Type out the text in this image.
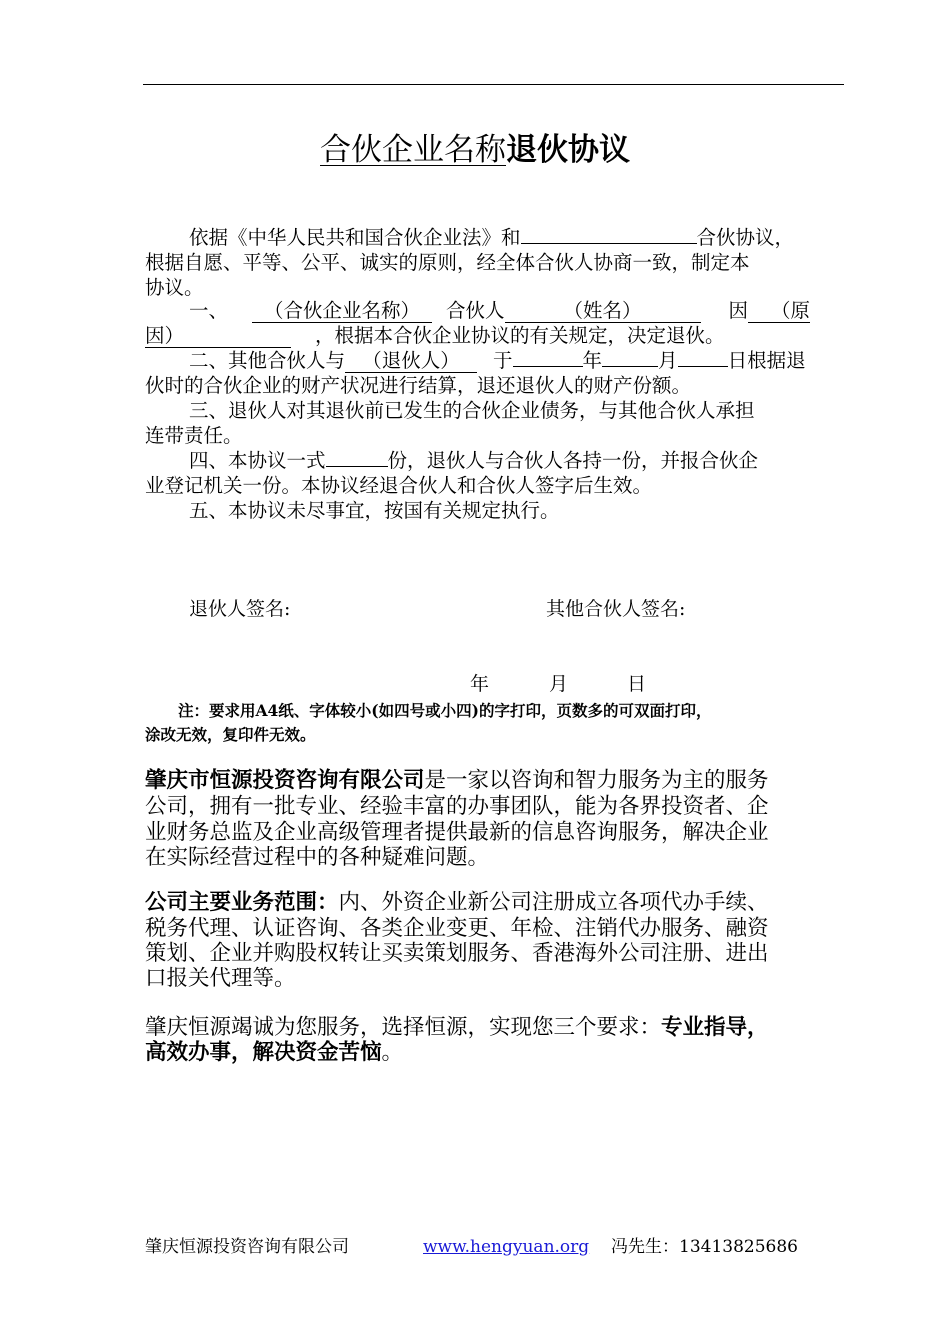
合伙企业名称退伙协议
依据《中华人民共和国合伙企业法》和	合伙协议，
根据自愿、平等、公平、诚实的原则，经全体合伙人协商一致，制定本
协议。
一、 （合伙企业名称） 合伙人	（姓名）	因 （原
因）	，根据本合伙企业协议的有关规定，决定退伙。
二、其他合伙人与 （退伙人） 于	年	月	日根据退
伙时的合伙企业的财产状况进行结算，退还退伙人的财产份额。
三、退伙人对其退伙前已发生的合伙企业债务，与其他合伙人承担
连带责任。
四、本协议一式	份，退伙人与合伙人各持一份，并报合伙企
业登记机关一份。本协议经退合伙人和合伙人签字后生效。
五、本协议未尽事宜，按国有关规定执行。
退伙人签名:	其他合伙人签名:
年	月	日
注：要求用A4纸、字体较小(如四号或小四)的字打印，页数多的可双面打印，
涂改无效，复印件无效。
肇庆市恒源投资咨询有限公司是一家以咨询和智力服务为主的服务
公司，拥有一批专业、经验丰富的办事团队，能为各界投资者、企
业财务总监及企业高级管理者提供最新的信息咨询服务，解决企业
在实际经营过程中的各种疑难问题。
公司主要业务范围：内、外资企业新公司注册成立各项代办手续、
税务代理、认证咨询、各类企业变更、年检、注销代办服务、融资
策划、企业并购股权转让买卖策划服务、香港海外公司注册、进出
口报关代理等。
肇庆恒源竭诚为您服务，选择恒源，实现您三个要求：专业指导，
高效办事，解决资金苦恼。
肇庆恒源投资咨询有限公司	www.hengyuan.org 冯先生：13413825686
